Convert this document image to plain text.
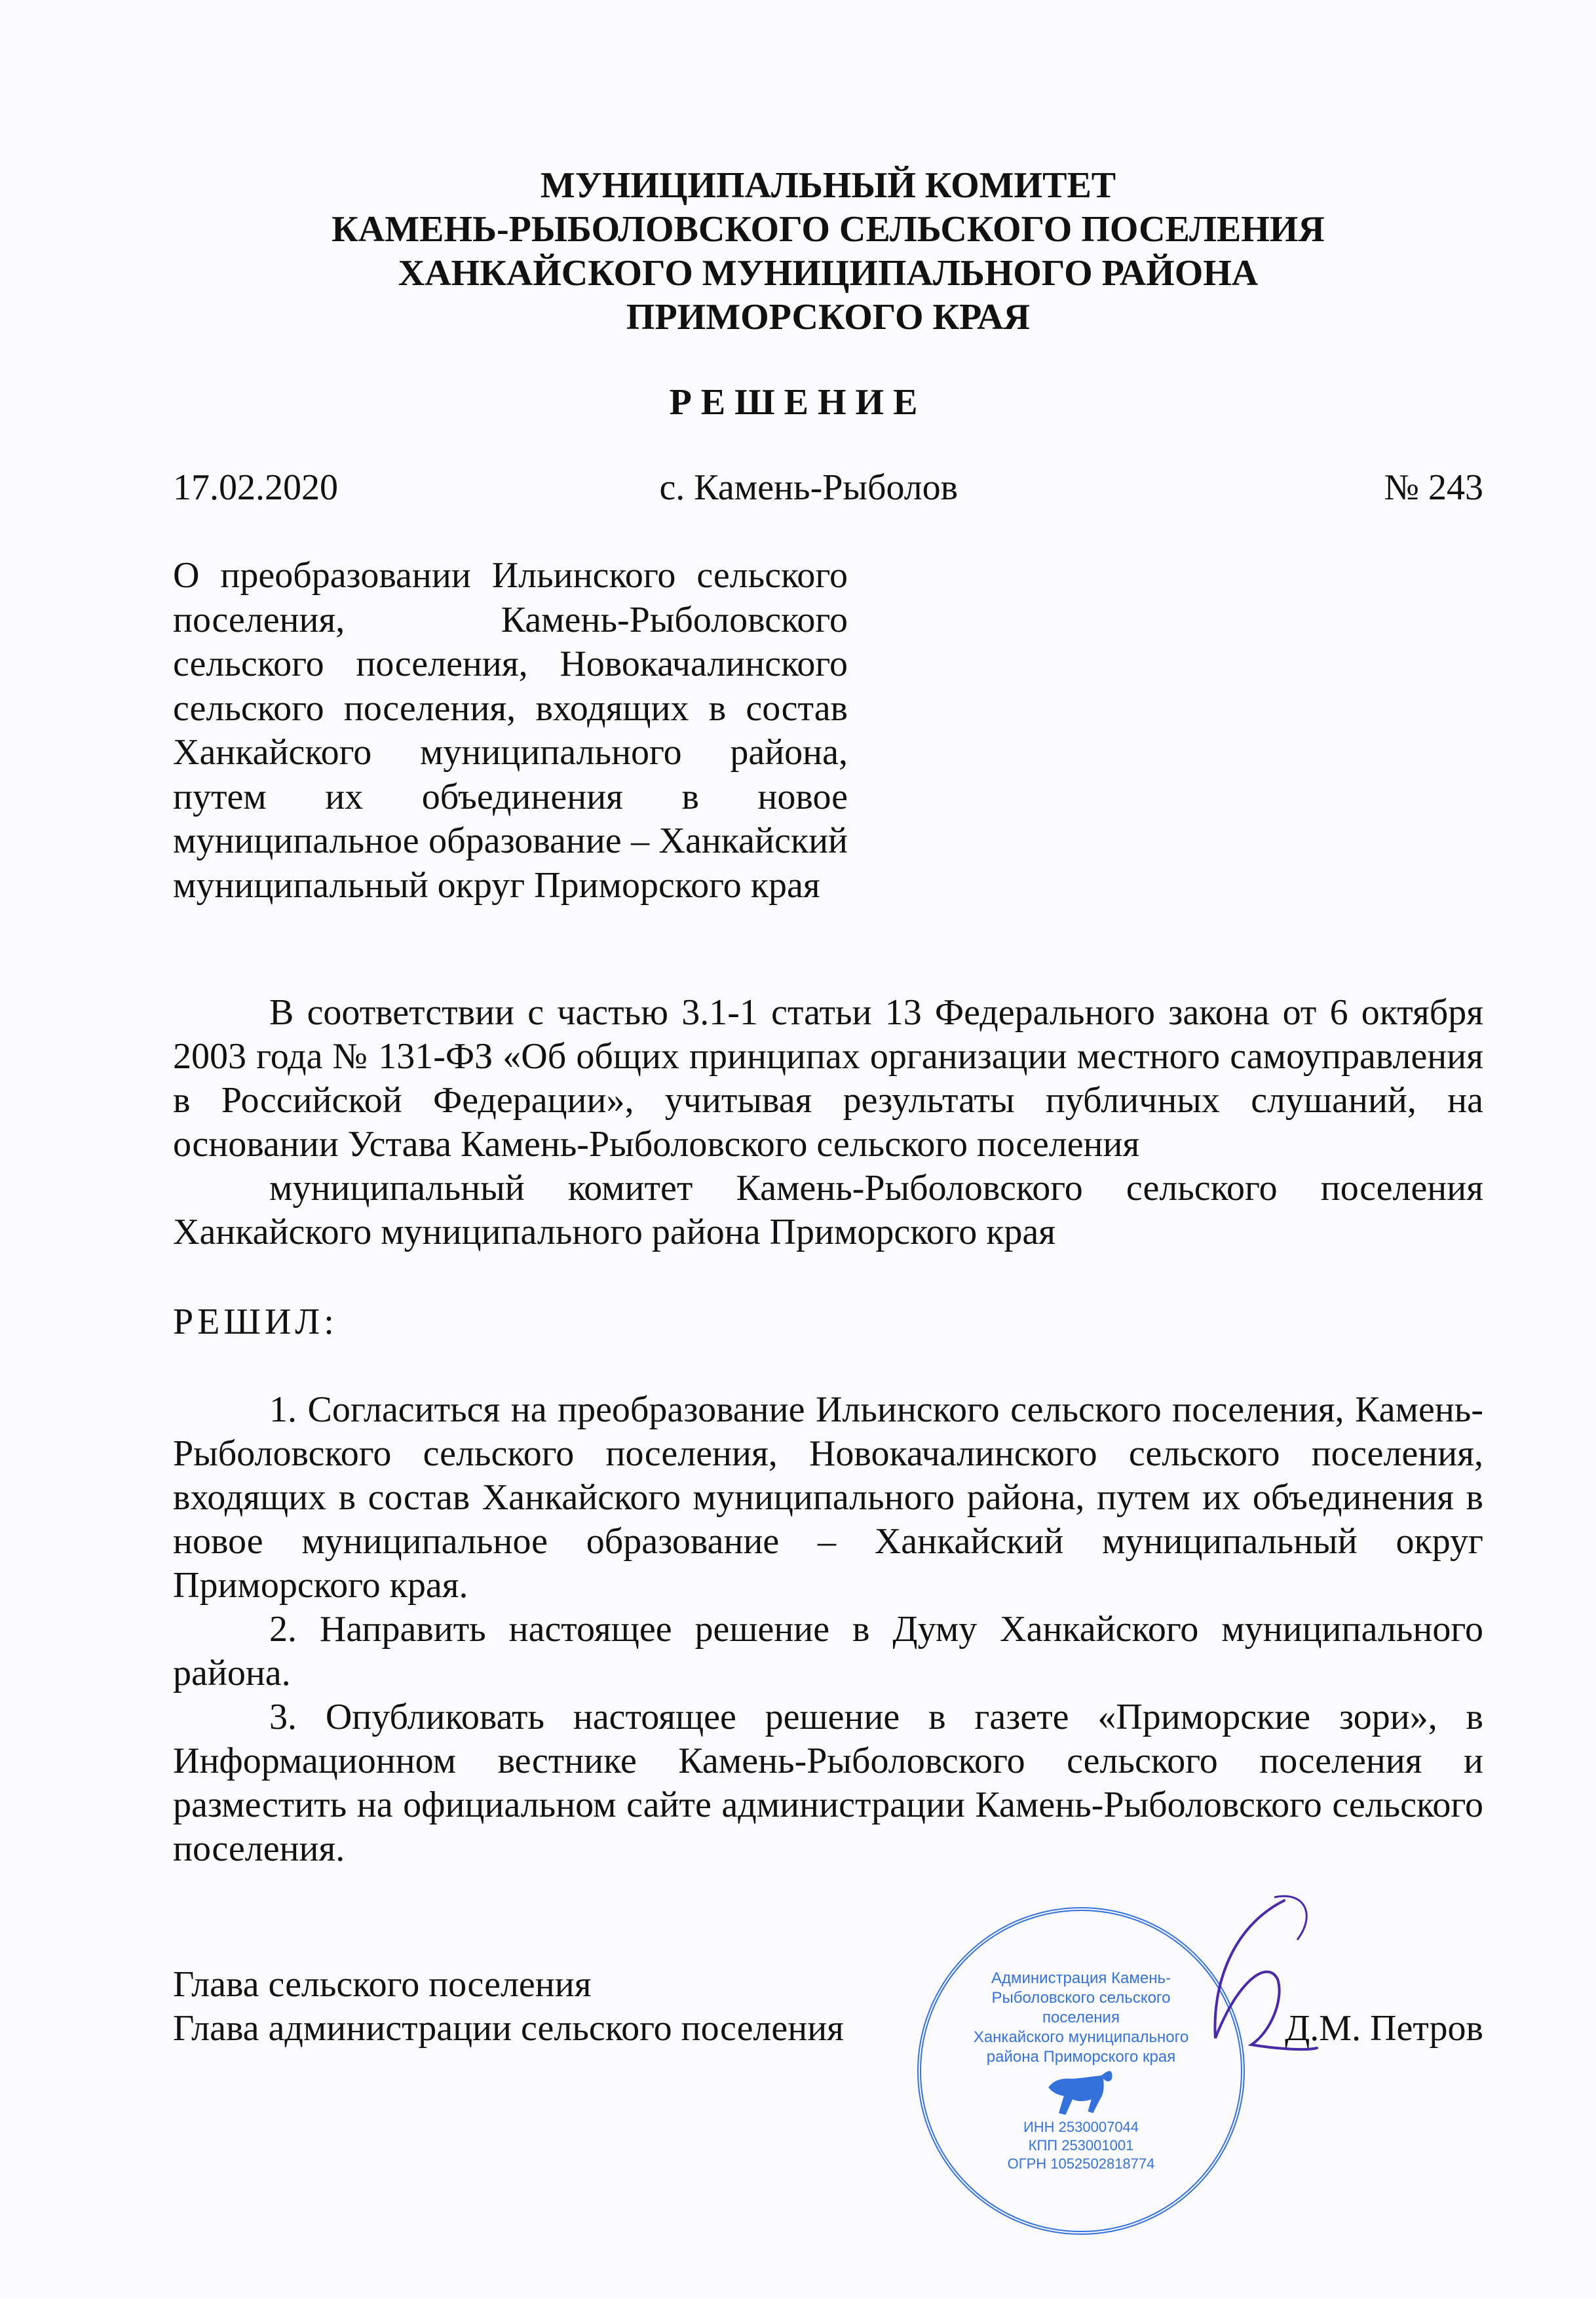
МУНИЦИПАЛЬНЫЙ КОМИТЕТ
КАМЕНЬ-РЫБОЛОВСКОГО СЕЛЬСКОГО ПОСЕЛЕНИЯ
ХАНКАЙСКОГО МУНИЦИПАЛЬНОГО РАЙОНА
ПРИМОРСКОГО КРАЯ
РЕШЕНИЕ
17.02.2020	с. Камень-Рыболов	№ 243
О преобразовании Ильинского сельского поселения, Камень-Рыболовского сельского поселения, Новокачалинского сельского поселения, входящих в состав Ханкайского муниципального района, путем их объединения в новое муниципальное образование – Ханкайский муниципальный округ Приморского края

В соответствии с частью 3.1-1 статьи 13 Федерального закона от 6 октября 2003 года № 131-ФЗ «Об общих принципах организации местного самоуправления в Российской Федерации», учитывая результаты публичных слушаний, на основании Устава Камень-Рыболовского сельского поселения

муниципальный комитет Камень-Рыболовского сельского поселения Ханкайского муниципального района Приморского края

РЕШИЛ:

1. Согласиться на преобразование Ильинского сельского поселения, Камень-Рыболовского сельского поселения, Новокачалинского сельского поселения, входящих в состав Ханкайского муниципального района, путем их объединения в новое муниципальное образование – Ханкайский муниципальный округ Приморского края.

2. Направить настоящее решение в Думу Ханкайского муниципального района.

3. Опубликовать настоящее решение в газете «Приморские зори», в Информационном вестнике Камень-Рыболовского сельского поселения и разместить на официальном сайте администрации Камень-Рыболовского сельского поселения.

Глава сельского поселения
Глава администрации сельского поселения	Д.М. Петров
Администрация Камень-Рыболовского сельского поселения
Ханкайского муниципального района Приморского края
ИНН 2530007044
КПП 253001001
ОГРН 1052502818774
